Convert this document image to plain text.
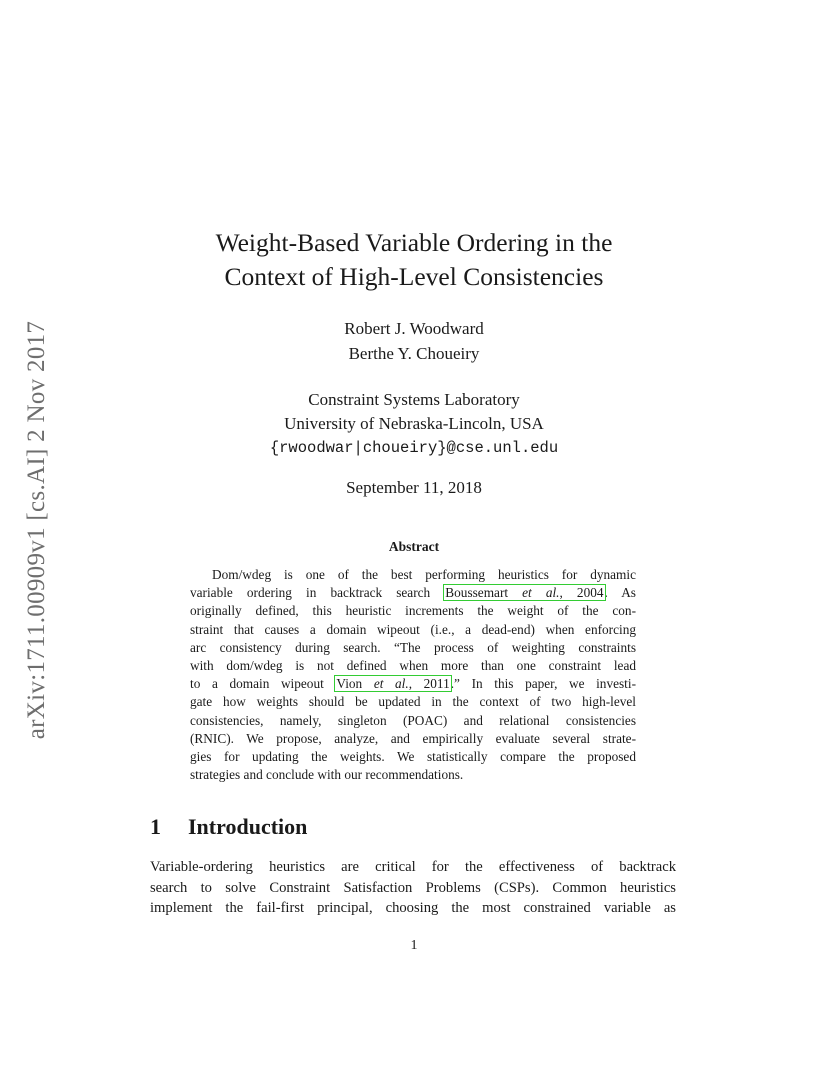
arXiv:1711.00909v1 [cs.AI] 2 Nov 2017
Weight-Based Variable Ordering in the
Context of High-Level Consistencies
Robert J. Woodward
Berthe Y. Choueiry
Constraint Systems Laboratory
University of Nebraska-Lincoln, USA
{rwoodwar|choueiry}@cse.unl.edu
September 11, 2018
Abstract
Dom/wdeg is one of the best performing heuristics for dynamic
variable ordering in backtrack search Boussemart et al., 2004. As
originally defined, this heuristic increments the weight of the con-
straint that causes a domain wipeout (i.e., a dead-end) when enforcing
arc consistency during search. “The process of weighting constraints
with dom/wdeg is not defined when more than one constraint lead
to a domain wipeout Vion et al., 2011.” In this paper, we investi-
gate how weights should be updated in the context of two high-level
consistencies, namely, singleton (POAC) and relational consistencies
(RNIC). We propose, analyze, and empirically evaluate several strate-
gies for updating the weights. We statistically compare the proposed
strategies and conclude with our recommendations.
1 Introduction
Variable-ordering heuristics are critical for the effectiveness of backtrack
search to solve Constraint Satisfaction Problems (CSPs). Common heuristics
implement the fail-first principal, choosing the most constrained variable as
1
